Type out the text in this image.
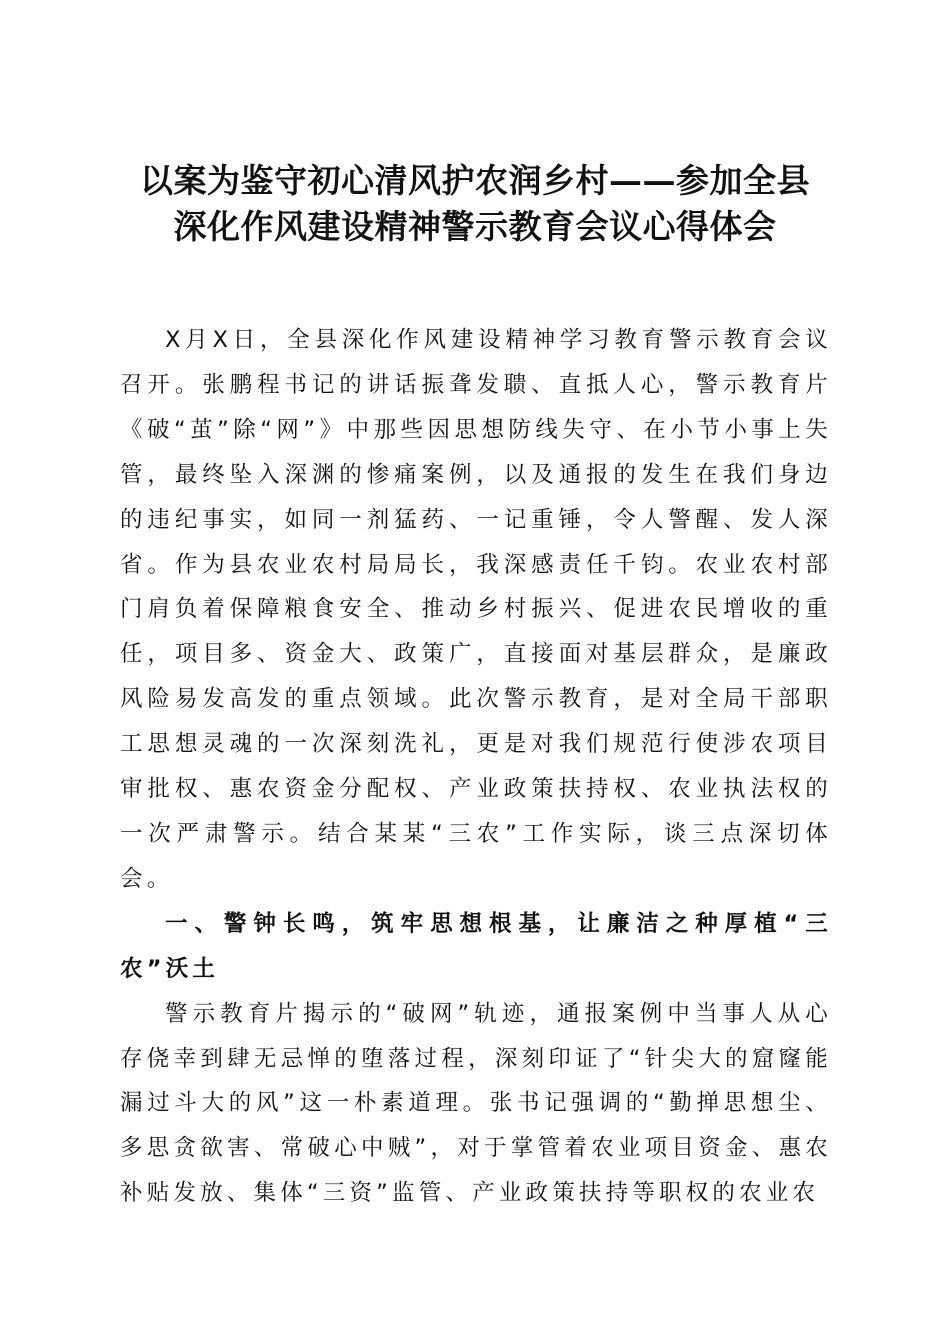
以案为鉴守初心清风护农润乡村——参加全县
深化作风建设精神警示教育会议心得体会

X月X日，全县深化作风建设精神学习教育警示教育会议召开。张鹏程书记的讲话振聋发聩、直抵人心，警示教育片《破“茧”除“网”》中那些因思想防线失守、在小节小事上失管，最终坠入深渊的惨痛案例，以及通报的发生在我们身边的违纪事实，如同一剂猛药、一记重锤，令人警醒、发人深省。作为县农业农村局局长，我深感责任千钧。农业农村部门肩负着保障粮食安全、推动乡村振兴、促进农民增收的重任，项目多、资金大、政策广，直接面对基层群众，是廉政风险易发高发的重点领域。此次警示教育，是对全局干部职工思想灵魂的一次深刻洗礼，更是对我们规范行使涉农项目审批权、惠农资金分配权、产业政策扶持权、农业执法权的一次严肃警示。结合某某“三农”工作实际，谈三点深切体会。

一、警钟长鸣，筑牢思想根基，让廉洁之种厚植“三农”沃土

警示教育片揭示的“破网”轨迹，通报案例中当事人从心存侥幸到肆无忌惮的堕落过程，深刻印证了“针尖大的窟窿能漏过斗大的风”这一朴素道理。张书记强调的“勤掸思想尘、多思贪欲害、常破心中贼”，对于掌管着农业项目资金、惠农补贴发放、集体“三资”监管、产业政策扶持等职权的农业农
